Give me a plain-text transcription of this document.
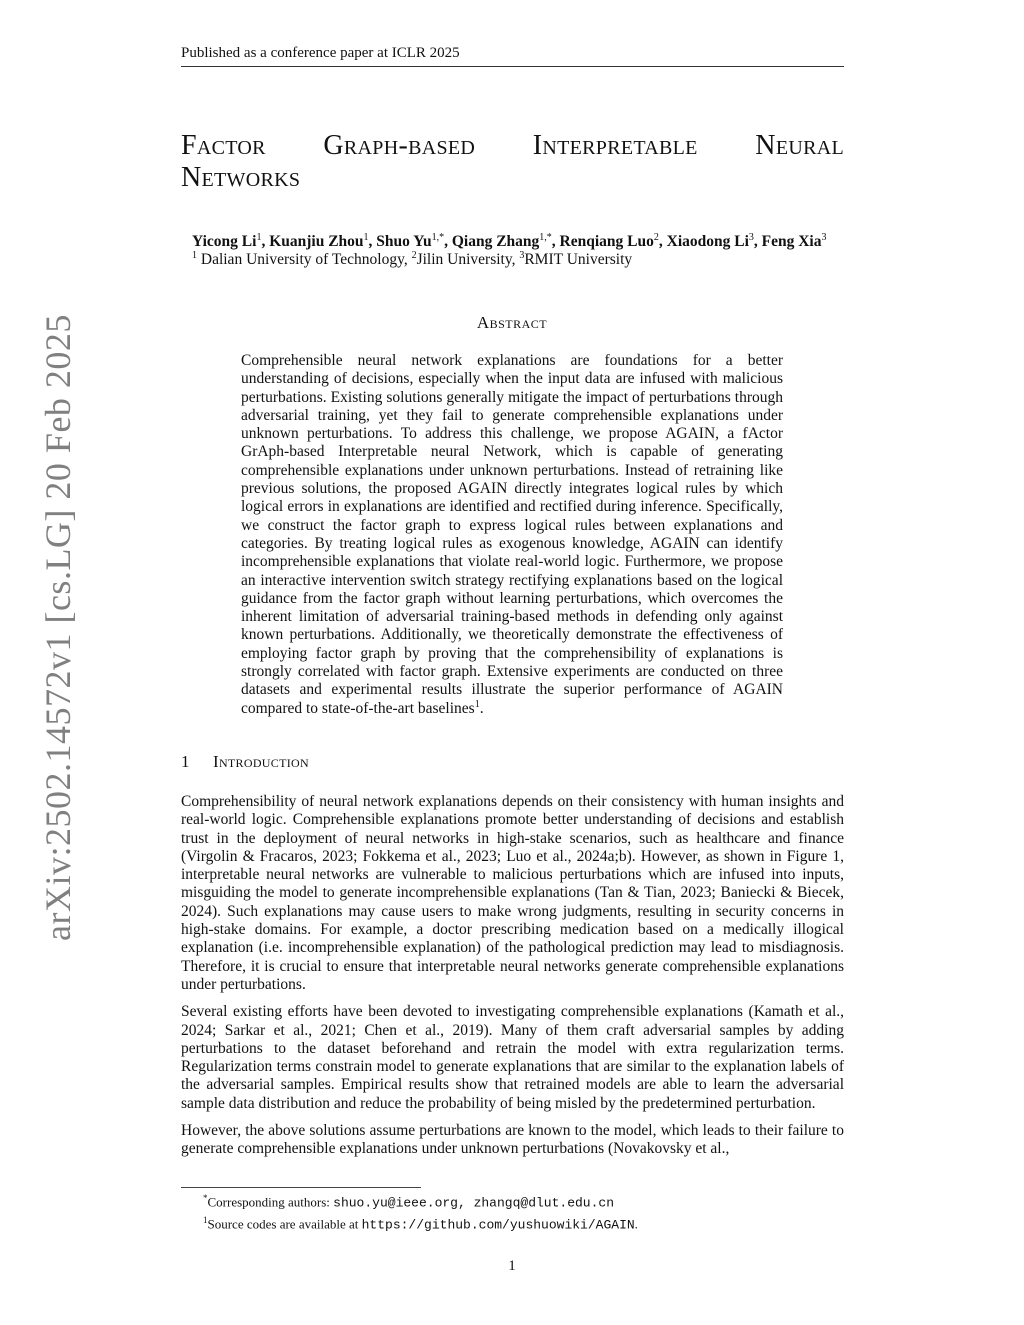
Published as a conference paper at ICLR 2025
Factor Graph-based Interpretable Neural
Networks
Yicong Li$^1$, Kuanjiu Zhou$^1$, Shuo $Yu^{1,*}$, Qiang Zhang$^{1,*}$, Renqiang Luo$^2$, Xiaodong Li$^3$, Feng Xia$^3$
$^1$ Dalian University of Technology, $^2$Jilin University, $^3$RMIT University
Abstract
Comprehensible neural network explanations are foundations for a better understanding of decisions, especially when the input data are infused with malicious perturbations. Existing solutions generally mitigate the impact of perturbations through adversarial training, yet they fail to generate comprehensible explanations under unknown perturbations. To address this challenge, we propose AGAIN, a fActor GrAph-based Interpretable neural Network, which is capable of generating comprehensible explanations under unknown perturbations. Instead of retraining like previous solutions, the proposed AGAIN directly integrates logical rules by which logical errors in explanations are identified and rectified during inference. Specifically, we construct the factor graph to express logical rules between explanations and categories. By treating logical rules as exogenous knowledge, AGAIN can identify incomprehensible explanations that violate real-world logic. Furthermore, we propose an interactive intervention switch strategy rectifying explanations based on the logical guidance from the factor graph without learning perturbations, which overcomes the inherent limitation of adversarial training-based methods in defending only against known perturbations. Additionally, we theoretically demonstrate the effectiveness of employing factor graph by proving that the comprehensibility of explanations is strongly correlated with factor graph. Extensive experiments are conducted on three datasets and experimental results illustrate the superior performance of AGAIN compared to state-of-the-art baselines$^1$.
1 Introduction

Comprehensibility of neural network explanations depends on their consistency with human insights and real-world logic. Comprehensible explanations promote better understanding of decisions and establish trust in the deployment of neural networks in high-stake scenarios, such as healthcare and finance (Virgolin & Fracaros, 2023; Fokkema et al., 2023; Luo et al., 2024a;b). However, as shown in Figure 1, interpretable neural networks are vulnerable to malicious perturbations which are infused into inputs, misguiding the model to generate incomprehensible explanations (Tan & Tian, 2023; Baniecki & Biecek, 2024). Such explanations may cause users to make wrong judgments, resulting in security concerns in high-stake domains. For example, a doctor prescribing medication based on a medically illogical explanation (i.e. incomprehensible explanation) of the pathological prediction may lead to misdiagnosis. Therefore, it is crucial to ensure that interpretable neural networks generate comprehensible explanations under perturbations.

Several existing efforts have been devoted to investigating comprehensible explanations (Kamath et al., 2024; Sarkar et al., 2021; Chen et al., 2019). Many of them craft adversarial samples by adding perturbations to the dataset beforehand and retrain the model with extra regularization terms. Regularization terms constrain model to generate explanations that are similar to the explanation labels of the adversarial samples. Empirical results show that retrained models are able to learn the adversarial sample data distribution and reduce the probability of being misled by the predetermined perturbation.

However, the above solutions assume perturbations are known to the model, which leads to their failure to generate comprehensible explanations under unknown perturbations (Novakovsky et al.,

*Corresponding authors: shuo.yu@ieee.org, zhangq@dlut.edu.cn
$^1$Source codes are available at https://github.com/yushuowiki/AGAIN.
1
arXiv:2502.14572v1 [cs.LG] 20 Feb 2025
